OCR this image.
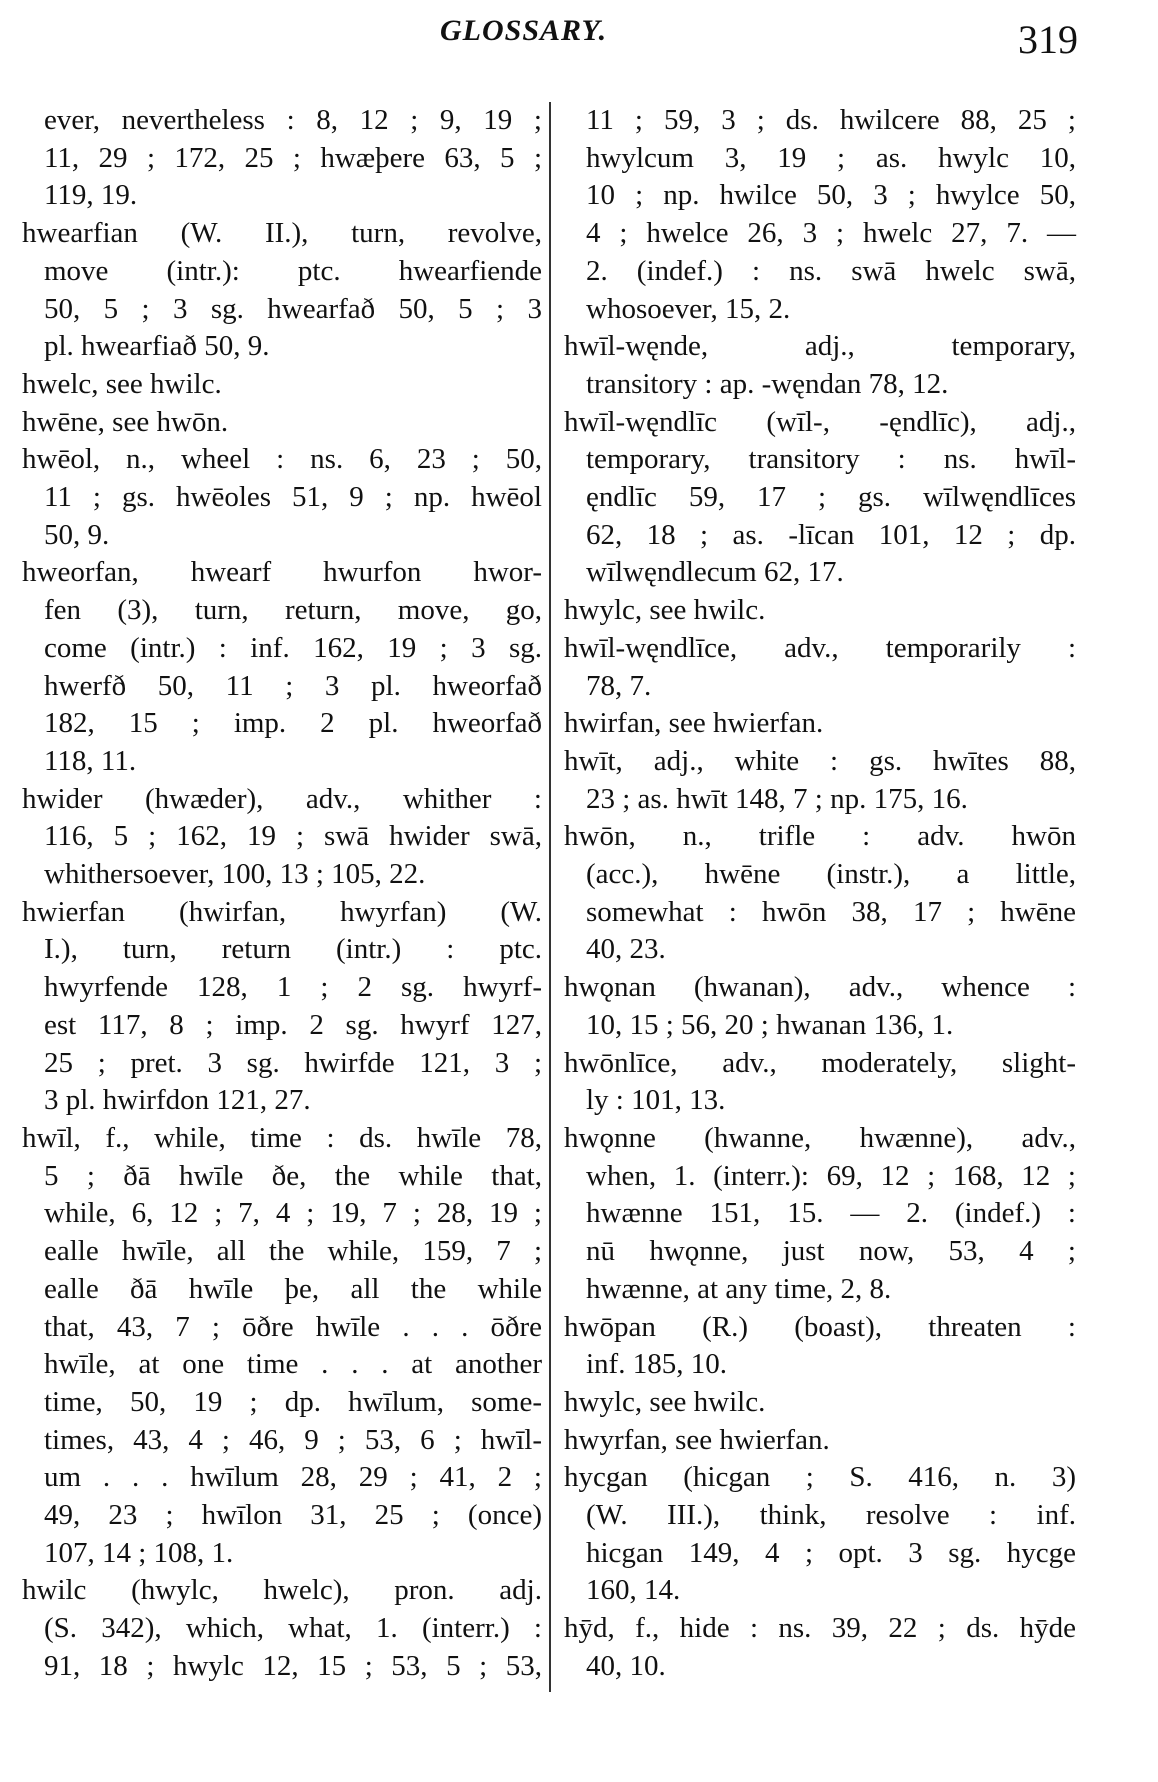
GLOSSARY.	319
ever, nevertheless : 8, 12 ; 9, 19 ;
11, 29 ; 172, 25 ; hwæþere 63, 5 ;
119, 19.
hwearfian (W. II.), turn, revolve,
move (intr.): ptc. hwearfiende
50, 5 ; 3 sg. hwearfað 50, 5 ; 3
pl. hwearfiað 50, 9.
hwelc, see hwilc.
hwēne, see hwōn.
hwēol, n., wheel : ns. 6, 23 ; 50,
11 ; gs. hwēoles 51, 9 ; np. hwēol
50, 9.
hweorfan, hwearf hwurfon hwor-
fen (3), turn, return, move, go,
come (intr.) : inf. 162, 19 ; 3 sg.
hwerfð 50, 11 ; 3 pl. hweorfað
182, 15 ; imp. 2 pl. hweorfað
118, 11.
hwider (hwæder), adv., whither :
116, 5 ; 162, 19 ; swā hwider swā,
whithersoever, 100, 13 ; 105, 22.
hwierfan (hwirfan, hwyrfan) (W.
I.), turn, return (intr.) : ptc.
hwyrfende 128, 1 ; 2 sg. hwyrf-
est 117, 8 ; imp. 2 sg. hwyrf 127,
25 ; pret. 3 sg. hwirfde 121, 3 ;
3 pl. hwirfdon 121, 27.
hwīl, f., while, time : ds. hwīle 78,
5 ; ðā hwīle ðe, the while that,
while, 6, 12 ; 7, 4 ; 19, 7 ; 28, 19 ;
ealle hwīle, all the while, 159, 7 ;
ealle ðā hwīle þe, all the while
that, 43, 7 ; ōðre hwīle . . . ōðre
hwīle, at one time . . . at another
time, 50, 19 ; dp. hwīlum, some-
times, 43, 4 ; 46, 9 ; 53, 6 ; hwīl-
um . . . hwīlum 28, 29 ; 41, 2 ;
49, 23 ; hwīlon 31, 25 ; (once)
107, 14 ; 108, 1.
hwilc (hwylc, hwelc), pron. adj.
(S. 342), which, what, 1. (interr.) :
91, 18 ; hwylc 12, 15 ; 53, 5 ; 53,
11 ; 59, 3 ; ds. hwilcere 88, 25 ;
hwylcum 3, 19 ; as. hwylc 10,
10 ; np. hwilce 50, 3 ; hwylce 50,
4 ; hwelce 26, 3 ; hwelc 27, 7. —
2. (indef.) : ns. swā hwelc swā,
whosoever, 15, 2.
hwīl-węnde, adj., temporary,
transitory : ap. -węndan 78, 12.
hwīl-węndlīc (wīl-, -ęndlīc), adj.,
temporary, transitory : ns. hwīl-
ęndlīc 59, 17 ; gs. wīlwęndlīces
62, 18 ; as. -līcan 101, 12 ; dp.
wīlwęndlecum 62, 17.
hwylc, see hwilc.
hwīl-węndlīce, adv., temporarily :
78, 7.
hwirfan, see hwierfan.
hwīt, adj., white : gs. hwītes 88,
23 ; as. hwīt 148, 7 ; np. 175, 16.
hwōn, n., trifle : adv. hwōn
(acc.), hwēne (instr.), a little,
somewhat : hwōn 38, 17 ; hwēne
40, 23.
hwǫnan (hwanan), adv., whence :
10, 15 ; 56, 20 ; hwanan 136, 1.
hwōnlīce, adv., moderately, slight-
ly : 101, 13.
hwǫnne (hwanne, hwænne), adv.,
when, 1. (interr.): 69, 12 ; 168, 12 ;
hwænne 151, 15. — 2. (indef.) :
nū hwǫnne, just now, 53, 4 ;
hwænne, at any time, 2, 8.
hwōpan (R.) (boast), threaten :
inf. 185, 10.
hwylc, see hwilc.
hwyrfan, see hwierfan.
hycgan (hicgan ; S. 416, n. 3)
(W. III.), think, resolve : inf.
hicgan 149, 4 ; opt. 3 sg. hycge
160, 14.
hȳd, f., hide : ns. 39, 22 ; ds. hȳde
40, 10.
